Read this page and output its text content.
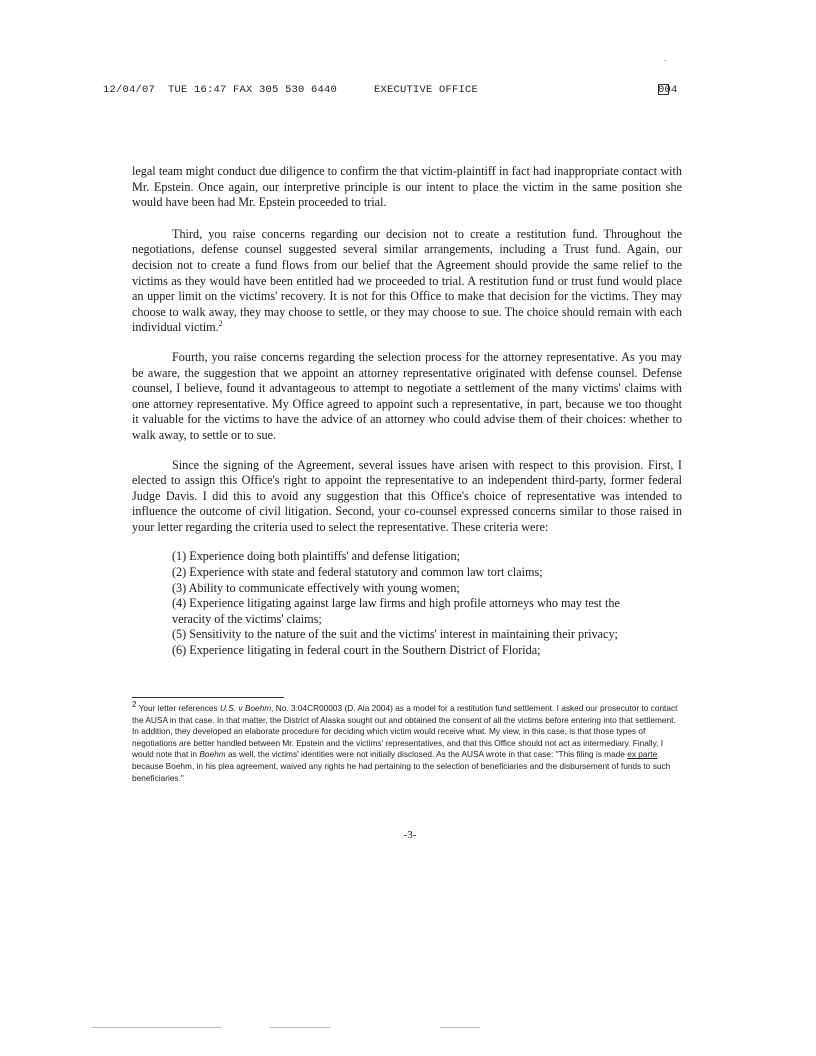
12/04/07  TUE 16:47 FAX 305 530 6440	EXECUTIVE OFFICE	004

legal team might conduct due diligence to confirm the that victim-plaintiff in fact had inappropriate contact with Mr. Epstein. Once again, our interpretive principle is our intent to place the victim in the same position she would have been had Mr. Epstein proceeded to trial.

Third, you raise concerns regarding our decision not to create a restitution fund. Throughout the negotiations, defense counsel suggested several similar arrangements, including a Trust fund. Again, our decision not to create a fund flows from our belief that the Agreement should provide the same relief to the victims as they would have been entitled had we proceeded to trial. A restitution fund or trust fund would place an upper limit on the victims' recovery. It is not for this Office to make that decision for the victims. They may choose to walk away, they may choose to settle, or they may choose to sue. The choice should remain with each individual victim.$^2$

Fourth, you raise concerns regarding the selection process for the attorney representative. As you may be aware, the suggestion that we appoint an attorney representative originated with defense counsel. Defense counsel, I believe, found it advantageous to attempt to negotiate a settlement of the many victims' claims with one attorney representative. My Office agreed to appoint such a representative, in part, because we too thought it valuable for the victims to have the advice of an attorney who could advise them of their choices: whether to walk away, to settle or to sue.

Since the signing of the Agreement, several issues have arisen with respect to this provision. First, I elected to assign this Office's right to appoint the representative to an independent third-party, former federal Judge Davis. I did this to avoid any suggestion that this Office's choice of representative was intended to influence the outcome of civil litigation. Second, your co-counsel expressed concerns similar to those raised in your letter regarding the criteria used to select the representative. These criteria were:

(1) Experience doing both plaintiffs' and defense litigation;
(2) Experience with state and federal statutory and common law tort claims;
(3) Ability to communicate effectively with young women;
(4) Experience litigating against large law firms and high profile attorneys who may test the veracity of the victims' claims;
(5) Sensitivity to the nature of the suit and the victims' interest in maintaining their privacy;
(6) Experience litigating in federal court in the Southern District of Florida;
$^2$ Your letter references U.S. v Boehm, No. 3:04CR00003 (D. Ala 2004) as a model for a restitution fund settlement. I asked our prosecutor to contact the AUSA in that case. In that matter, the District of Alaska sought out and obtained the consent of all the victims before entering into that settlement. In addition, they developed an elaborate procedure for deciding which victim would receive what. My view, in this case, is that those types of negotiations are better handled between Mr. Epstein and the victims' representatives, and that this Office should not act as intermediary. Finally, I would note that in Boehm as well, the victims' identities were not initially disclosed. As the AUSA wrote in that case: "This filing is made ex parte because Boehm, in his plea agreement, waived any rights he had pertaining to the selection of beneficiaries and the disbursement of funds to such beneficiaries."
-3-
